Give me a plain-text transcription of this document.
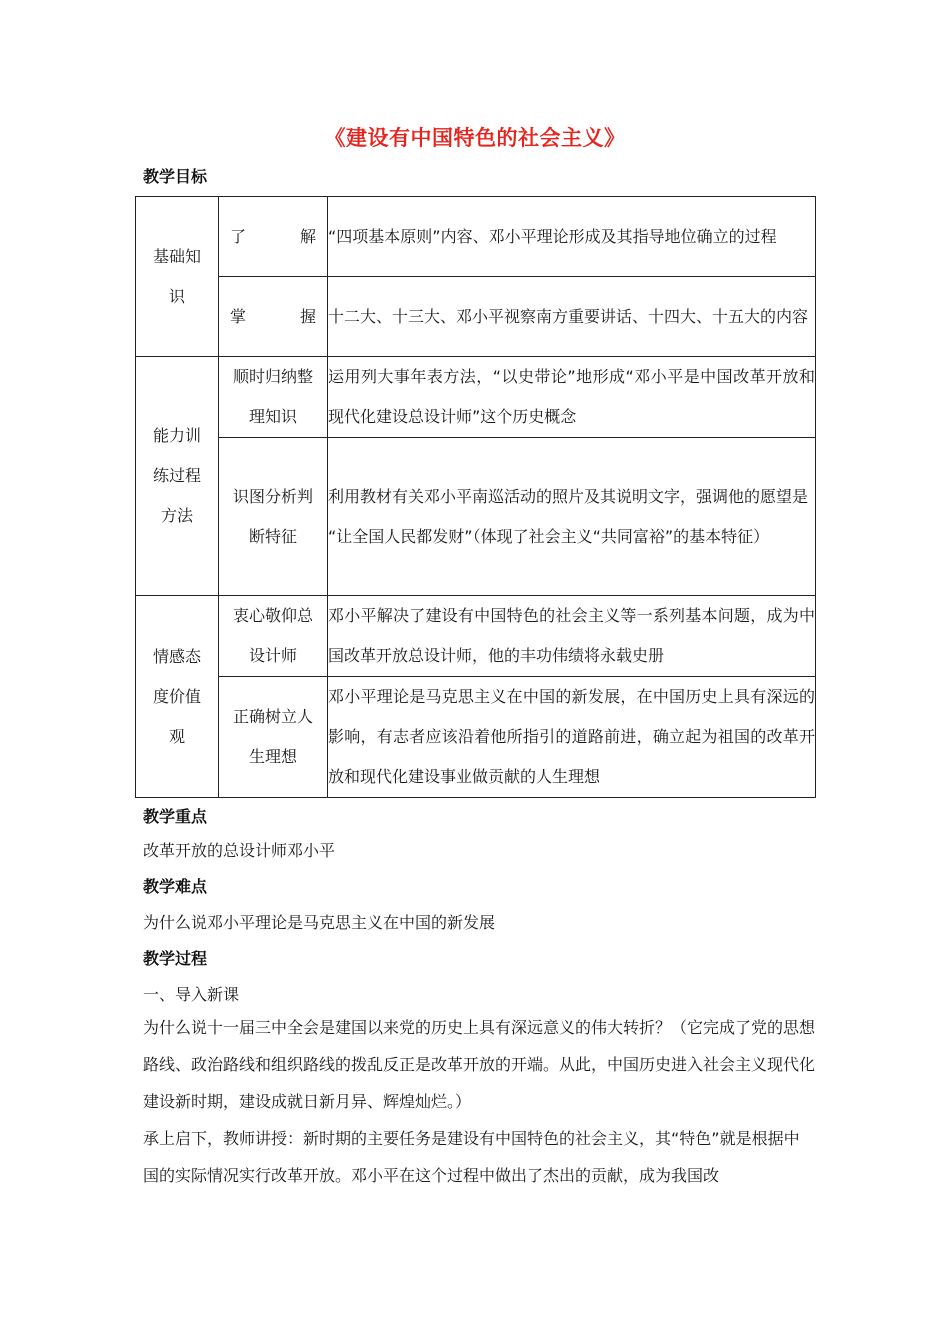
《建设有中国特色的社会主义》
教学目标
基础知识	了 解	“四项基本原则”内容、邓小平理论形成及其指导地位确立的过程

	掌 握	十二大、十三大、邓小平视察南方重要讲话、十四大、十五大的内容

能力训练过程方法	顺时归纳整理知识	运用列大事年表方法，“以史带论”地形成“邓小平是中国改革开放和现代化建设总设计师”这个历史概念

	识图分析判断特征	利用教材有关邓小平南巡活动的照片及其说明文字，强调他的愿望是
“让全国人民都发财”（体现了社会主义“共同富裕”的基本特征）

情感态度价值观	衷心敬仰总设计师	邓小平解决了建设有中国特色的社会主义等一系列基本问题，成为中国改革开放总设计师，他的丰功伟绩将永载史册

	正确树立人生理想	邓小平理论是马克思主义在中国的新发展，在中国历史上具有深远的影响，有志者应该沿着他所指引的道路前进，确立起为祖国的改革开放和现代化建设事业做贡献的人生理想
教学重点
改革开放的总设计师邓小平
教学难点
为什么说邓小平理论是马克思主义在中国的新发展
教学过程
一、导入新课
为什么说十一届三中全会是建国以来党的历史上具有深远意义的伟大转折？（它完成了党的思想路线、政治路线和组织路线的拨乱反正是改革开放的开端。从此，中国历史进入社会主义现代化建设新时期，建设成就日新月异、辉煌灿烂。）
承上启下，教师讲授：新时期的主要任务是建设有中国特色的社会主义，其“特色”就是根据中国的实际情况实行改革开放。邓小平在这个过程中做出了杰出的贡献，成为我国改
